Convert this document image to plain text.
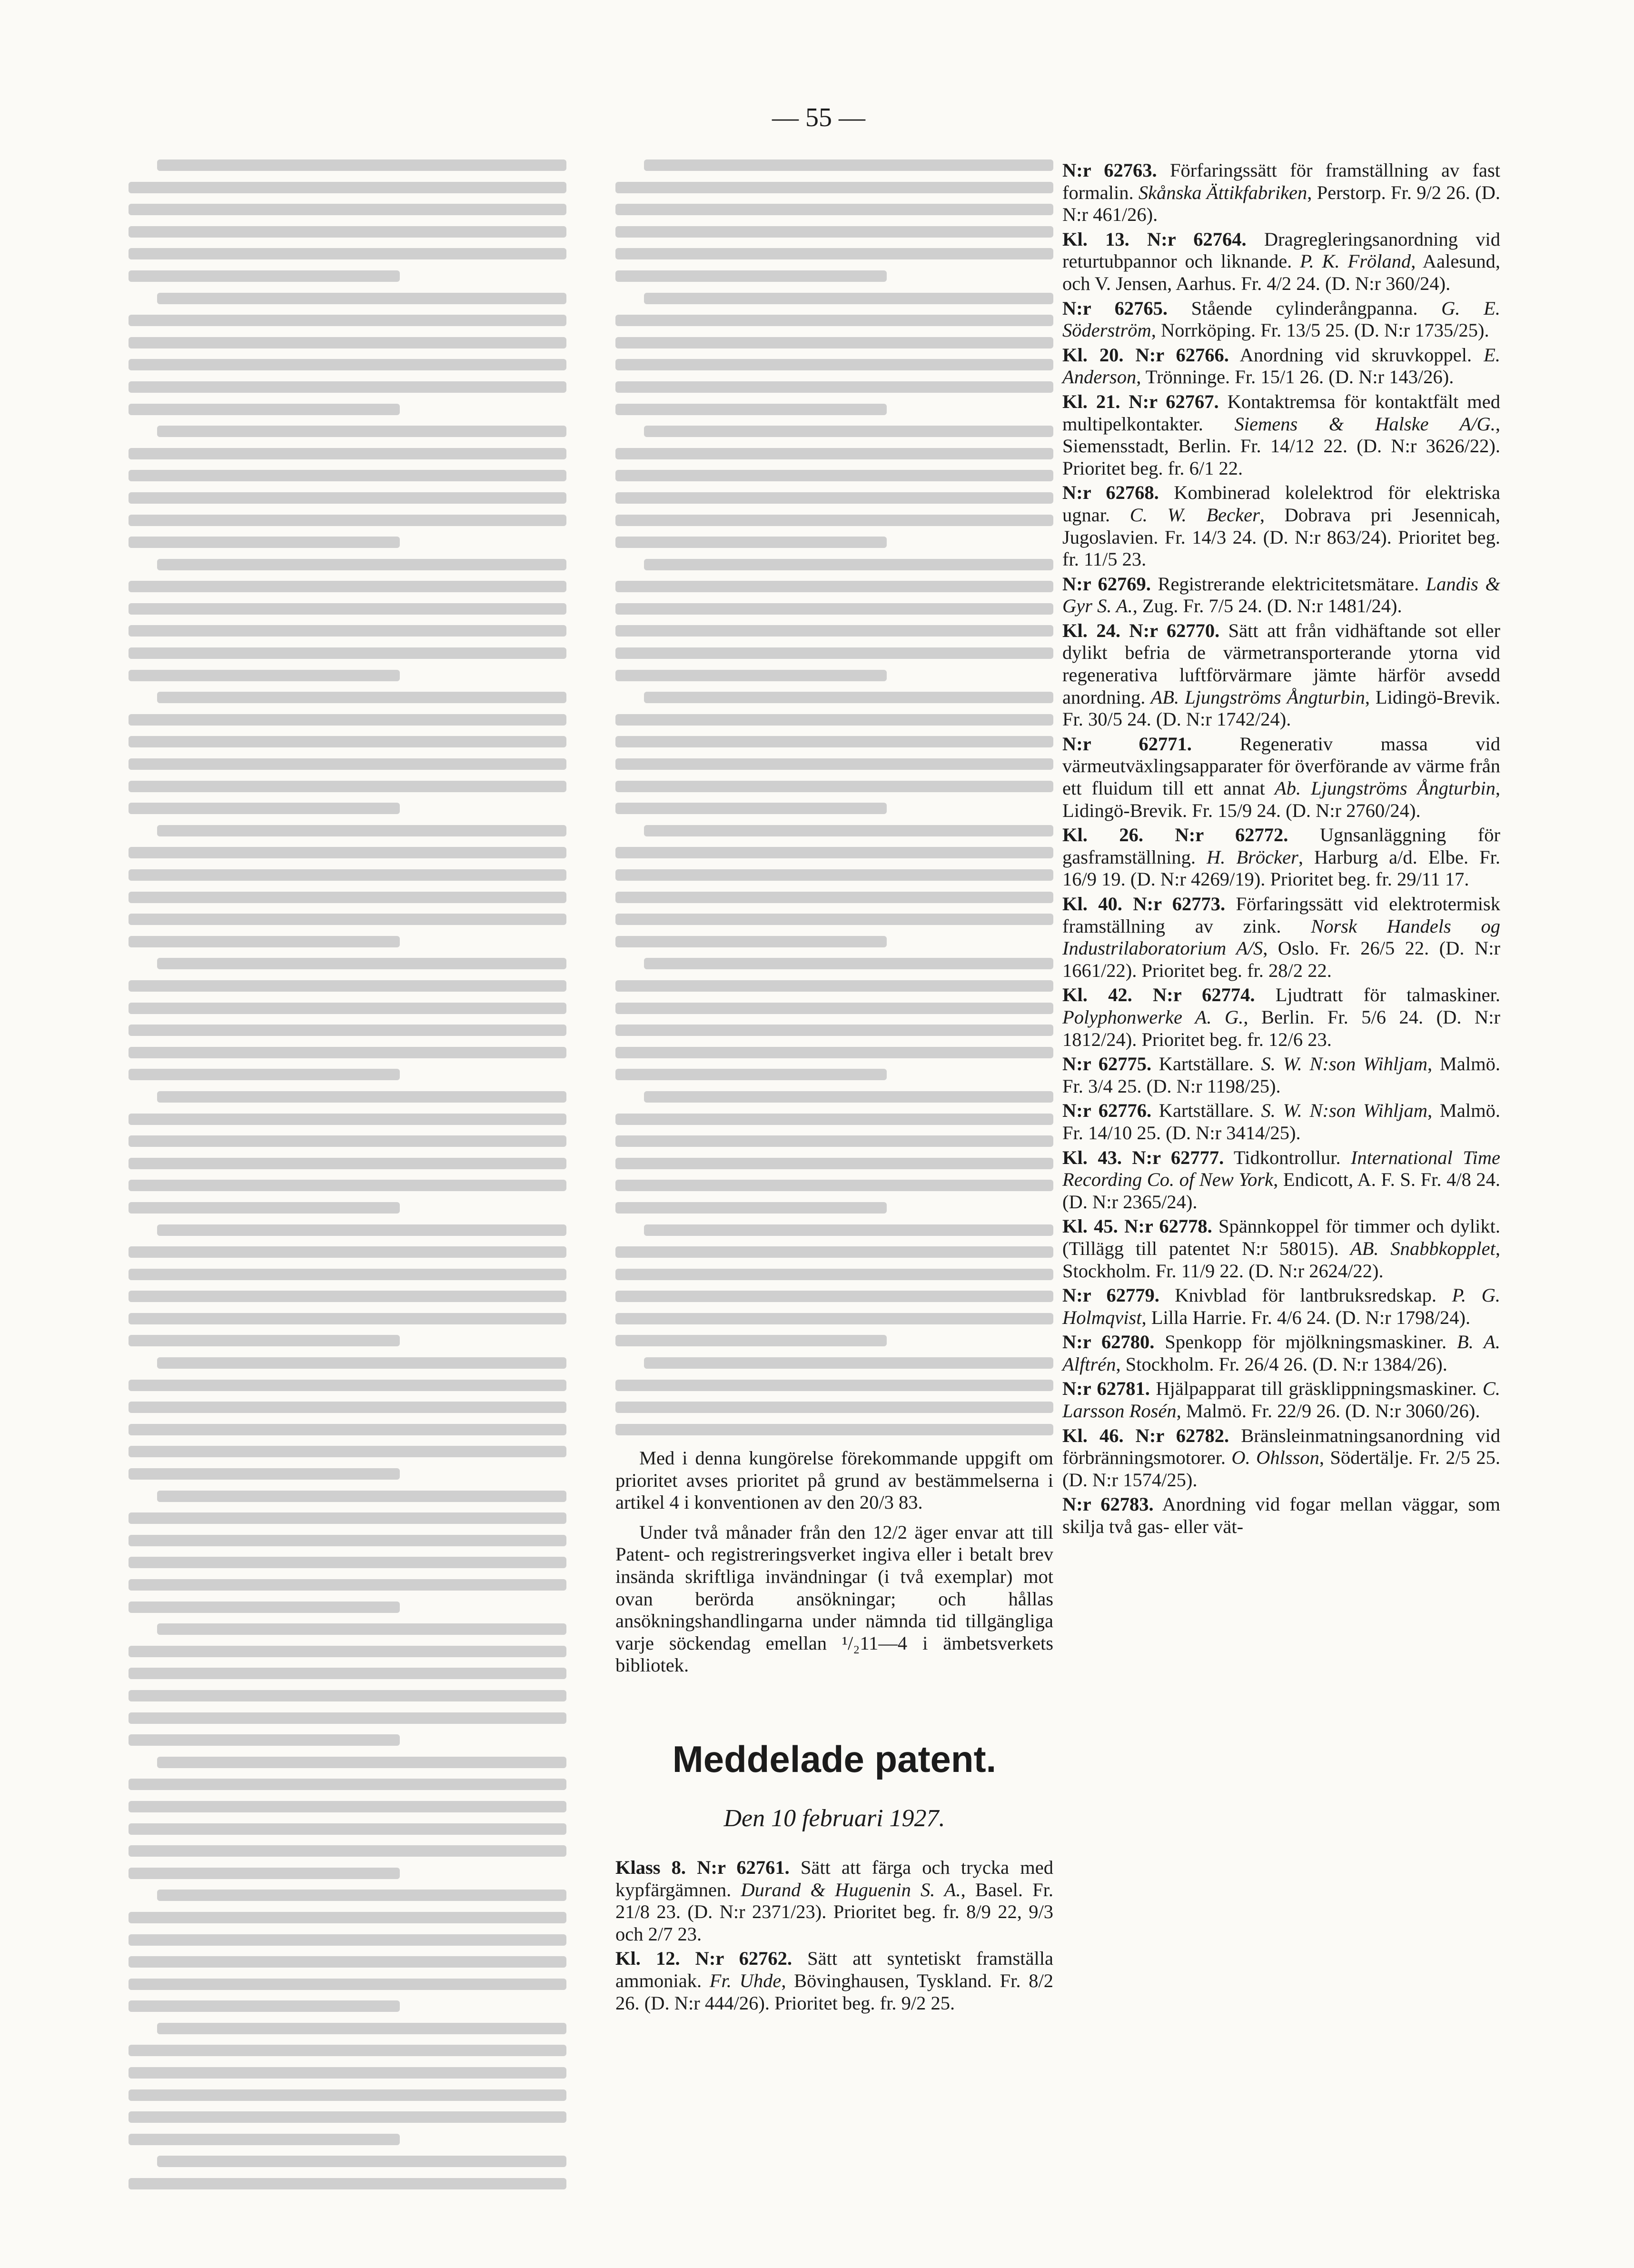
— 55 —

Med i denna kungörelse förekommande uppgift om prioritet avses prioritet på grund av bestämmelserna i artikel 4 i konventionen av den 20/3 83.

Under två månader från den 12/2 äger envar att till Patent- och registreringsverket ingiva eller i betalt brev insända skriftliga invändningar (i två exemplar) mot ovan berörda ansökningar; och hållas ansökningshandlingarna under nämnda tid tillgängliga varje söckendag emellan ¹/₂11—4 i ämbetsverkets bibliotek.

Meddelade patent.
Den 10 februari 1927.

Klass 8. N:r 62761. Sätt att färga och trycka med kypfärgämnen. Durand & Huguenin S. A., Basel. Fr. 21/8 23. (D. N:r 2371/23). Prioritet beg. fr. 8/9 22, 9/3 och 2/7 23.

Kl. 12. N:r 62762. Sätt att syntetiskt framställa ammoniak. Fr. Uhde, Bövinghausen, Tyskland. Fr. 8/2 26. (D. N:r 444/26). Prioritet beg. fr. 9/2 25.

N:r 62763. Förfaringssätt för framställning av fast formalin. Skånska Ättikfabriken, Perstorp. Fr. 9/2 26. (D. N:r 461/26).

Kl. 13. N:r 62764. Dragregleringsanordning vid returtubpannor och liknande. P. K. Fröland, Aalesund, och V. Jensen, Aarhus. Fr. 4/2 24. (D. N:r 360/24).

N:r 62765. Stående cylinderångpanna. G. E. Söderström, Norrköping. Fr. 13/5 25. (D. N:r 1735/25).

Kl. 20. N:r 62766. Anordning vid skruvkoppel. E. Anderson, Trönninge. Fr. 15/1 26. (D. N:r 143/26).

Kl. 21. N:r 62767. Kontaktremsa för kontaktfält med multipelkontakter. Siemens & Halske A/G., Siemensstadt, Berlin. Fr. 14/12 22. (D. N:r 3626/22). Prioritet beg. fr. 6/1 22.

N:r 62768. Kombinerad kolelektrod för elektriska ugnar. C. W. Becker, Dobrava pri Jesennicah, Jugoslavien. Fr. 14/3 24. (D. N:r 863/24). Prioritet beg. fr. 11/5 23.

N:r 62769. Registrerande elektricitetsmätare. Landis & Gyr S. A., Zug. Fr. 7/5 24. (D. N:r 1481/24).

Kl. 24. N:r 62770. Sätt att från vidhäftande sot eller dylikt befria de värmetransporterande ytorna vid regenerativa luftförvärmare jämte härför avsedd anordning. AB. Ljungströms Ångturbin, Lidingö-Brevik. Fr. 30/5 24. (D. N:r 1742/24).

N:r 62771. Regenerativ massa vid värmeutväxlingsapparater för överförande av värme från ett fluidum till ett annat Ab. Ljungströms Ångturbin, Lidingö-Brevik. Fr. 15/9 24. (D. N:r 2760/24).

Kl. 26. N:r 62772. Ugnsanläggning för gasframställning. H. Bröcker, Harburg a/d. Elbe. Fr. 16/9 19. (D. N:r 4269/19). Prioritet beg. fr. 29/11 17.

Kl. 40. N:r 62773. Förfaringssätt vid elektrotermisk framställning av zink. Norsk Handels og Industrilaboratorium A/S, Oslo. Fr. 26/5 22. (D. N:r 1661/22). Prioritet beg. fr. 28/2 22.

Kl. 42. N:r 62774. Ljudtratt för talmaskiner. Polyphonwerke A. G., Berlin. Fr. 5/6 24. (D. N:r 1812/24). Prioritet beg. fr. 12/6 23.

N:r 62775. Kartställare. S. W. N:son Wihljam, Malmö. Fr. 3/4 25. (D. N:r 1198/25).

N:r 62776. Kartställare. S. W. N:son Wihljam, Malmö. Fr. 14/10 25. (D. N:r 3414/25).

Kl. 43. N:r 62777. Tidkontrollur. International Time Recording Co. of New York, Endicott, A. F. S. Fr. 4/8 24. (D. N:r 2365/24).

Kl. 45. N:r 62778. Spännkoppel för timmer och dylikt. (Tillägg till patentet N:r 58015). AB. Snabbkopplet, Stockholm. Fr. 11/9 22. (D. N:r 2624/22).

N:r 62779. Knivblad för lantbruksredskap. P. G. Holmqvist, Lilla Harrie. Fr. 4/6 24. (D. N:r 1798/24).

N:r 62780. Spenkopp för mjölkningsmaskiner. B. A. Alftrén, Stockholm. Fr. 26/4 26. (D. N:r 1384/26).

N:r 62781. Hjälpapparat till gräsklippningsmaskiner. C. Larsson Rosén, Malmö. Fr. 22/9 26. (D. N:r 3060/26).

Kl. 46. N:r 62782. Bränsleinmatningsanordning vid förbränningsmotorer. O. Ohlsson, Södertälje. Fr. 2/5 25. (D. N:r 1574/25).

N:r 62783. Anordning vid fogar mellan väggar, som skilja två gas- eller vät-
